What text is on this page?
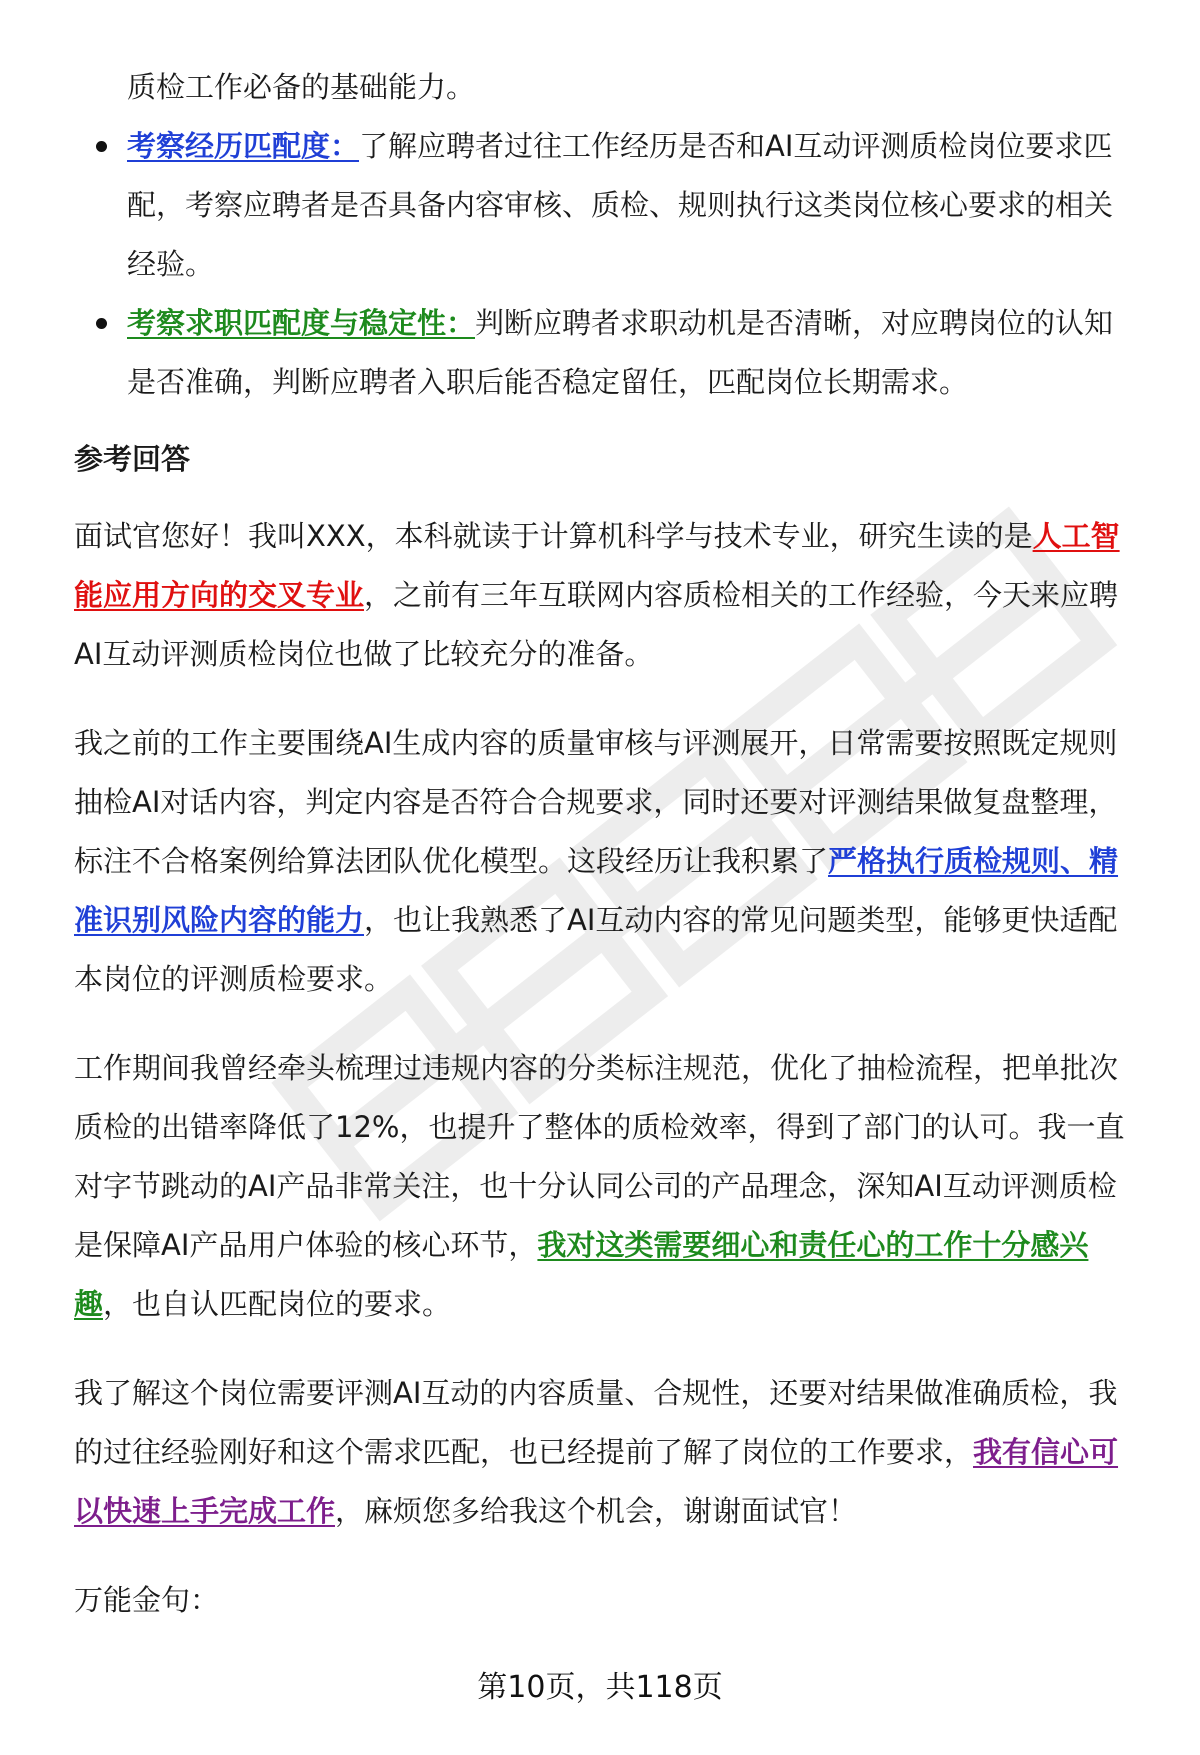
质检工作必备的基础能力。
考察经历匹配度：了解应聘者过往工作经历是否和AI互动评测质检岗位要求匹
配，考察应聘者是否具备内容审核、质检、规则执行这类岗位核心要求的相关
经验。
考察求职匹配度与稳定性：判断应聘者求职动机是否清晰，对应聘岗位的认知
是否准确，判断应聘者入职后能否稳定留任，匹配岗位长期需求。
参考回答
面试官您好！我叫XXX，本科就读于计算机科学与技术专业，研究生读的是人工智
能应用方向的交叉专业，之前有三年互联网内容质检相关的工作经验，今天来应聘
AI互动评测质检岗位也做了比较充分的准备。
我之前的工作主要围绕AI生成内容的质量审核与评测展开，日常需要按照既定规则
抽检AI对话内容，判定内容是否符合合规要求，同时还要对评测结果做复盘整理，
标注不合格案例给算法团队优化模型。这段经历让我积累了严格执行质检规则、精
准识别风险内容的能力，也让我熟悉了AI互动内容的常见问题类型，能够更快适配
本岗位的评测质检要求。
工作期间我曾经牵头梳理过违规内容的分类标注规范，优化了抽检流程，把单批次
质检的出错率降低了12%，也提升了整体的质检效率，得到了部门的认可。我一直
对字节跳动的AI产品非常关注，也十分认同公司的产品理念，深知AI互动评测质检
是保障AI产品用户体验的核心环节，我对这类需要细心和责任心的工作十分感兴
趣，也自认匹配岗位的要求。
我了解这个岗位需要评测AI互动的内容质量、合规性，还要对结果做准确质检，我
的过往经验刚好和这个需求匹配，也已经提前了解了岗位的工作要求，我有信心可
以快速上手完成工作，麻烦您多给我这个机会，谢谢面试官！
万能金句：
第10页，共118页
